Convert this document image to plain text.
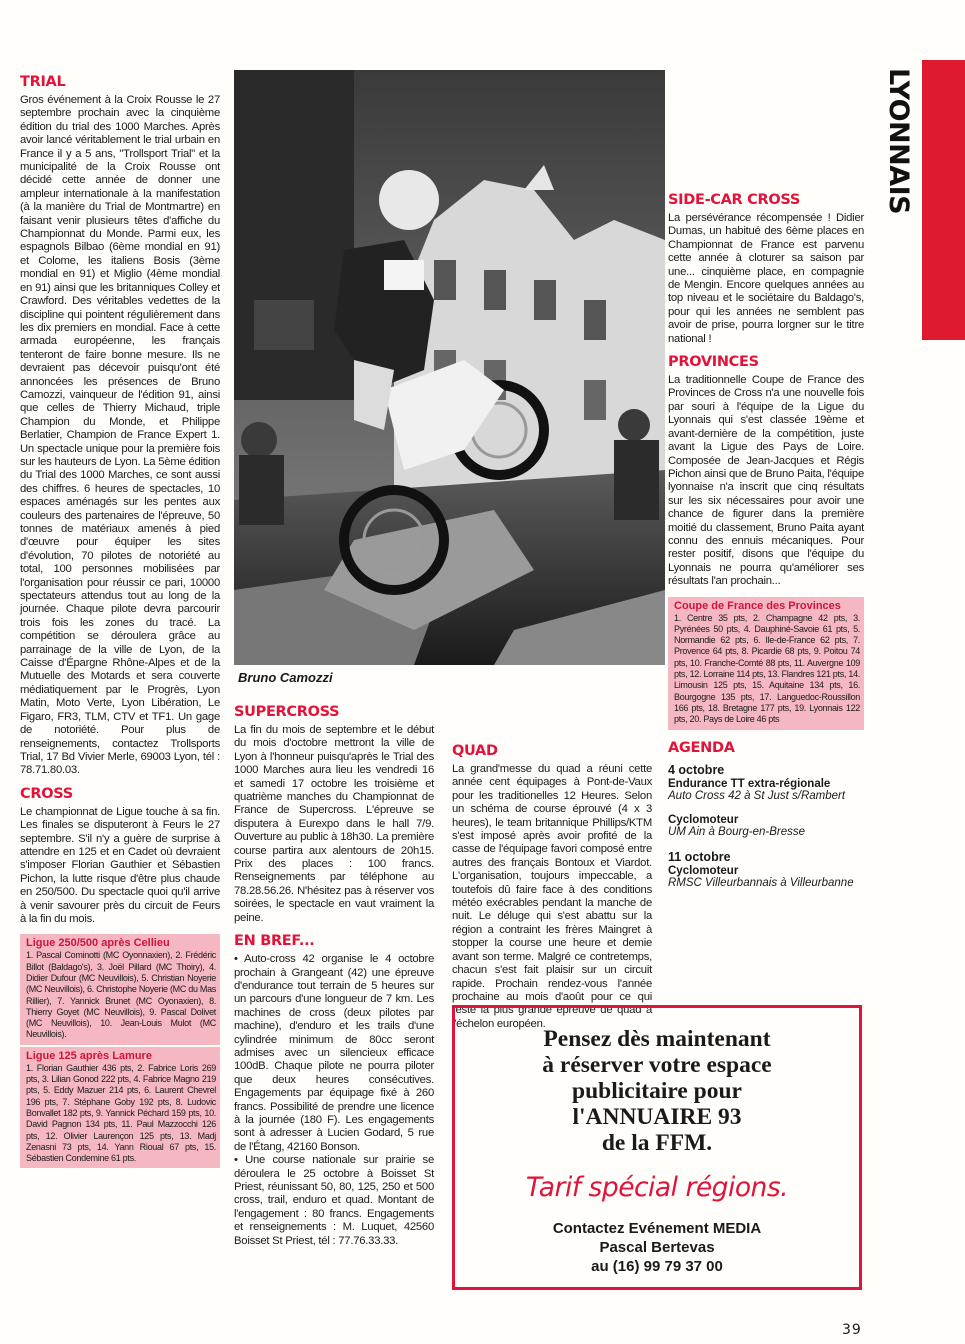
LYONNAIS
TRIAL

Gros événement à la Croix Rousse le 27 septembre prochain avec la cinquième édition du trial des 1000 Marches. Après avoir lancé véritablement le trial urbain en France il y a 5 ans, "Trollsport Trial" et la municipalité de la Croix Rousse ont décidé cette année de donner une ampleur internationale à la manifestation (à la manière du Trial de Montmartre) en faisant venir plusieurs têtes d'affiche du Championnat du Monde. Parmi eux, les espagnols Bilbao (6ème mondial en 91) et Colome, les italiens Bosis (3ème mondial en 91) et Miglio (4ème mondial en 91) ainsi que les britanniques Colley et Crawford. Des véritables vedettes de la discipline qui pointent régulièrement dans les dix premiers en mondial. Face à cette armada européenne, les français tenteront de faire bonne mesure. Ils ne devraient pas décevoir puisqu'ont été annoncées les présences de Bruno Camozzi, vainqueur de l'édition 91, ainsi que celles de Thierry Michaud, triple Champion du Monde, et Philippe Berlatier, Champion de France Expert 1. Un spectacle unique pour la première fois sur les hauteurs de Lyon. La 5ème édition du Trial des 1000 Marches, ce sont aussi des chiffres. 6 heures de spectacles, 10 espaces aménagés sur les pentes aux couleurs des partenaires de l'épreuve, 50 tonnes de matériaux amenés à pied d'œuvre pour équiper les sites d'évolution, 70 pilotes de notoriété au total, 100 personnes mobilisées par l'organisation pour réussir ce pari, 10000 spectateurs attendus tout au long de la journée. Chaque pilote devra parcourir trois fois les zones du tracé. La compétition se déroulera grâce au parrainage de la ville de Lyon, de la Caisse d'Épargne Rhône-Alpes et de la Mutuelle des Motards et sera couverte médiatiquement par le Progrès, Lyon Matin, Moto Verte, Lyon Libération, Le Figaro, FR3, TLM, CTV et TF1. Un gage de notoriété. Pour plus de renseignements, contactez Trollsports Trial, 17 Bd Vivier Merle, 69003 Lyon, tél : 78.71.80.03.

CROSS

Le championnat de Ligue touche à sa fin. Les finales se disputeront à Feurs le 27 septembre. S'il n'y a guère de surprise à attendre en 125 et en Cadet où devraient s'imposer Florian Gauthier et Sébastien Pichon, la lutte risque d'être plus chaude en 250/500. Du spectacle quoi qu'il arrive à venir savourer près du circuit de Feurs à la fin du mois.

Ligue 250/500 après Cellieu
1. Pascal Cominotti (MC Oyonnaxien), 2. Frédéric Billot (Baldago's), 3. Joël Pillard (MC Thoiry), 4. Didier Dufour (MC Neuvillois), 5. Christian Noyerie (MC Neuvillois), 6. Christophe Noyerie (MC du Mas Rillier), 7. Yannick Brunet (MC Oyonaxien), 8. Thierry Goyet (MC Neuvillois), 9. Pascal Dolivet (MC Neuvillois), 10. Jean-Louis Mulot (MC Neuvillois).
Ligue 125 après Lamure
1. Florian Gauthier 436 pts, 2. Fabrice Loris 269 pts, 3. Lilian Gonod 222 pts, 4. Fabrice Magno 219 pts, 5. Eddy Mazuer 214 pts, 6. Laurent Chevrel 196 pts, 7. Stéphane Goby 192 pts, 8. Ludovic Bonvallet 182 pts, 9. Yannick Péchard 159 pts, 10. David Pagnon 134 pts, 11. Paul Mazzocchi 126 pts, 12. Olivier Laurençon 125 pts, 13. Madj Zenasni 73 pts, 14. Yann Rioual 67 pts, 15. Sébastien Condemine 61 pts.
Bruno Camozzi
SUPERCROSS

La fin du mois de septembre et le début du mois d'octobre mettront la ville de Lyon à l'honneur puisqu'après le Trial des 1000 Marches aura lieu les vendredi 16 et samedi 17 octobre les troisième et quatrième manches du Championnat de France de Supercross. L'épreuve se disputera à Eurexpo dans le hall 7/9. Ouverture au public à 18h30. La première course partira aux alentours de 20h15. Prix des places : 100 francs. Renseignements par téléphone au 78.28.56.26. N'hésitez pas à réserver vos soirées, le spectacle en vaut vraiment la peine.

EN BREF...

• Auto-cross 42 organise le 4 octobre prochain à Grangeant (42) une épreuve d'endurance tout terrain de 5 heures sur un parcours d'une longueur de 7 km. Les machines de cross (deux pilotes par machine), d'enduro et les trails d'une cylindrée minimum de 80cc seront admises avec un silencieux efficace 100dB. Chaque pilote ne pourra piloter que deux heures consécutives. Engagements par équipage fixé à 260 francs. Possibilité de prendre une licence à la journée (180 F). Les engagements sont à adresser à Lucien Godard, 5 rue de l'Étang, 42160 Bonson.

• Une course nationale sur prairie se déroulera le 25 octobre à Boisset St Priest, réunissant 50, 80, 125, 250 et 500 cross, trail, enduro et quad. Montant de l'engagement : 80 francs. Engagements et renseignements : M. Luquet, 42560 Boisset St Priest, tél : 77.76.33.33.

QUAD

La grand'messe du quad a réuni cette année cent équipages à Pont-de-Vaux pour les traditionelles 12 Heures. Selon un schéma de course éprouvé (4 x 3 heures), le team britannique Phillips/KTM s'est imposé après avoir profité de la casse de l'équipage favori composé entre autres des français Bontoux et Viardot. L'organisation, toujours impeccable, a toutefois dû faire face à des conditions météo exécrables pendant la manche de nuit. Le déluge qui s'est abattu sur la région a contraint les frères Maingret à stopper la course une heure et demie avant son terme. Malgré ce contretemps, chacun s'est fait plaisir sur un circuit rapide. Prochain rendez-vous l'année prochaine au mois d'août pour ce qui reste la plus grande épreuve de quad à l'échelon européen.

SIDE-CAR CROSS

La persévérance récompensée ! Didier Dumas, un habitué des 6ème places en Championnat de France est parvenu cette année à cloturer sa saison par une... cinquième place, en compagnie de Mengin. Encore quelques années au top niveau et le sociétaire du Baldago's, pour qui les années ne semblent pas avoir de prise, pourra lorgner sur le titre national !

PROVINCES

La traditionnelle Coupe de France des Provinces de Cross n'a une nouvelle fois par souri à l'équipe de la Ligue du Lyonnais qui s'est classée 19ème et avant-dernière de la compétition, juste avant la Ligue des Pays de Loire. Composée de Jean-Jacques et Régis Pichon ainsi que de Bruno Paita, l'équipe lyonnaise n'a inscrit que cinq résultats sur les six nécessaires pour avoir une chance de figurer dans la première moitié du classement, Bruno Paita ayant connu des ennuis mécaniques. Pour rester positif, disons que l'équipe du Lyonnais ne pourra qu'améliorer ses résultats l'an prochain...

Coupe de France des Provinces
1. Centre 35 pts, 2. Champagne 42 pts, 3. Pyrénées 50 pts, 4. Dauphiné-Savoie 61 pts, 5. Normandie 62 pts, 6. Ile-de-France 62 pts, 7. Provence 64 pts, 8. Picardie 68 pts, 9. Poitou 74 pts, 10. Franche-Comté 88 pts, 11. Auvergne 109 pts, 12. Lorraine 114 pts, 13. Flandres 121 pts, 14. Limousin 125 pts, 15. Aquitaine 134 pts, 16. Bourgogne 135 pts, 17. Languedoc-Roussillon 166 pts, 18. Bretagne 177 pts, 19. Lyonnais 122 pts, 20. Pays de Loire 46 pts
AGENDA
4 octobre
Endurance TT extra-régionale
Auto Cross 42 à St Just s/Rambert
Cyclomoteur
UM Ain à Bourg-en-Bresse
11 octobre
Cyclomoteur
RMSC Villeurbannais à Villeurbanne
Pensez dès maintenant
à réserver votre espace
publicitaire pour
l'ANNUAIRE 93
de la FFM.
Tarif spécial régions.
Contactez Evénement MEDIA
Pascal Bertevas
au (16) 99 79 37 00
39
